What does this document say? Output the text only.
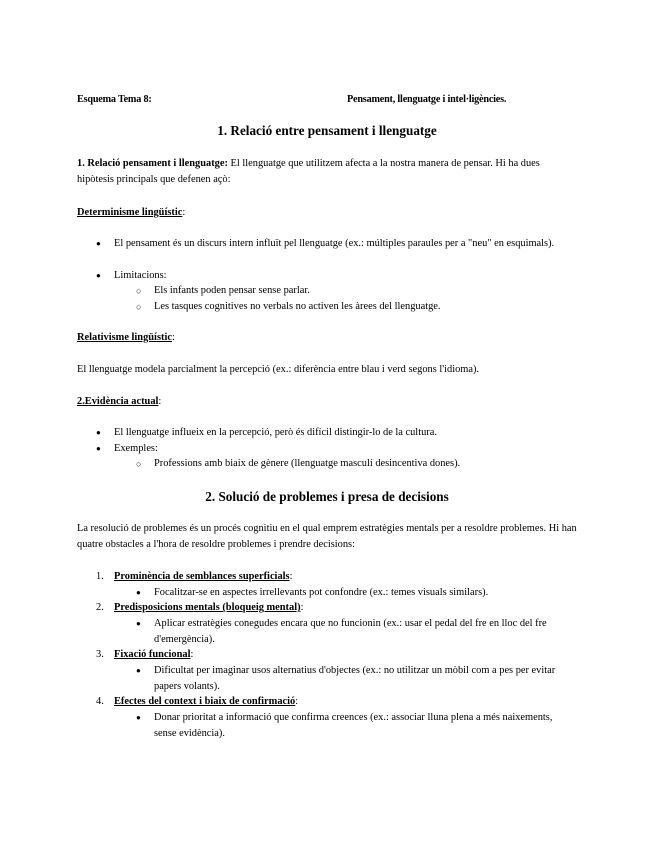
Esquema Tema 8:	Pensament, llenguatge i intel·ligències.
1. Relació entre pensament i llenguatge

1. Relació pensament i llenguatge: El llenguatge que utilitzem afecta a la nostra manera de pensar. Hi ha dues hipòtesis principals que defenen açò:

Determinisme lingüístic:

●
El pensament és un discurs intern influït pel llenguatge (ex.: múltiples paraules per a "neu" en esquimals).
●
Limitacions:
○
Els infants poden pensar sense parlar.
○
Les tasques cognitives no verbals no activen les àrees del llenguatge.

Relativisme lingüístic:

El llenguatge modela parcialment la percepció (ex.: diferència entre blau i verd segons l'idioma).

2.Evidència actual:

●
El llenguatge influeix en la percepció, però és difícil distingir-lo de la cultura.
●
Exemples:
○
Professions amb biaix de gènere (llenguatge masculí desincentiva dones).
2. Solució de problemes i presa de decisions

La resolució de problemes és un procés cognitiu en el qual emprem estratègies mentals per a resoldre problemes. Hi han quatre obstacles a l'hora de resoldre problemes i prendre decisions:

1. Prominència de semblances superficials:
●
Focalitzar-se en aspectes irrellevants pot confondre (ex.: temes visuals similars).
2. Predisposicions mentals (bloqueig mental):
●
Aplicar estratègies conegudes encara que no funcionin (ex.: usar el pedal del fre en lloc del fre d'emergència).
3. Fixació funcional:
●
Dificultat per imaginar usos alternatius d'objectes (ex.: no utilitzar un mòbil com a pes per evitar papers volants).
4. Efectes del context i biaix de confirmació:
●
Donar prioritat a informació que confirma creences (ex.: associar lluna plena a més naixements, sense evidència).
